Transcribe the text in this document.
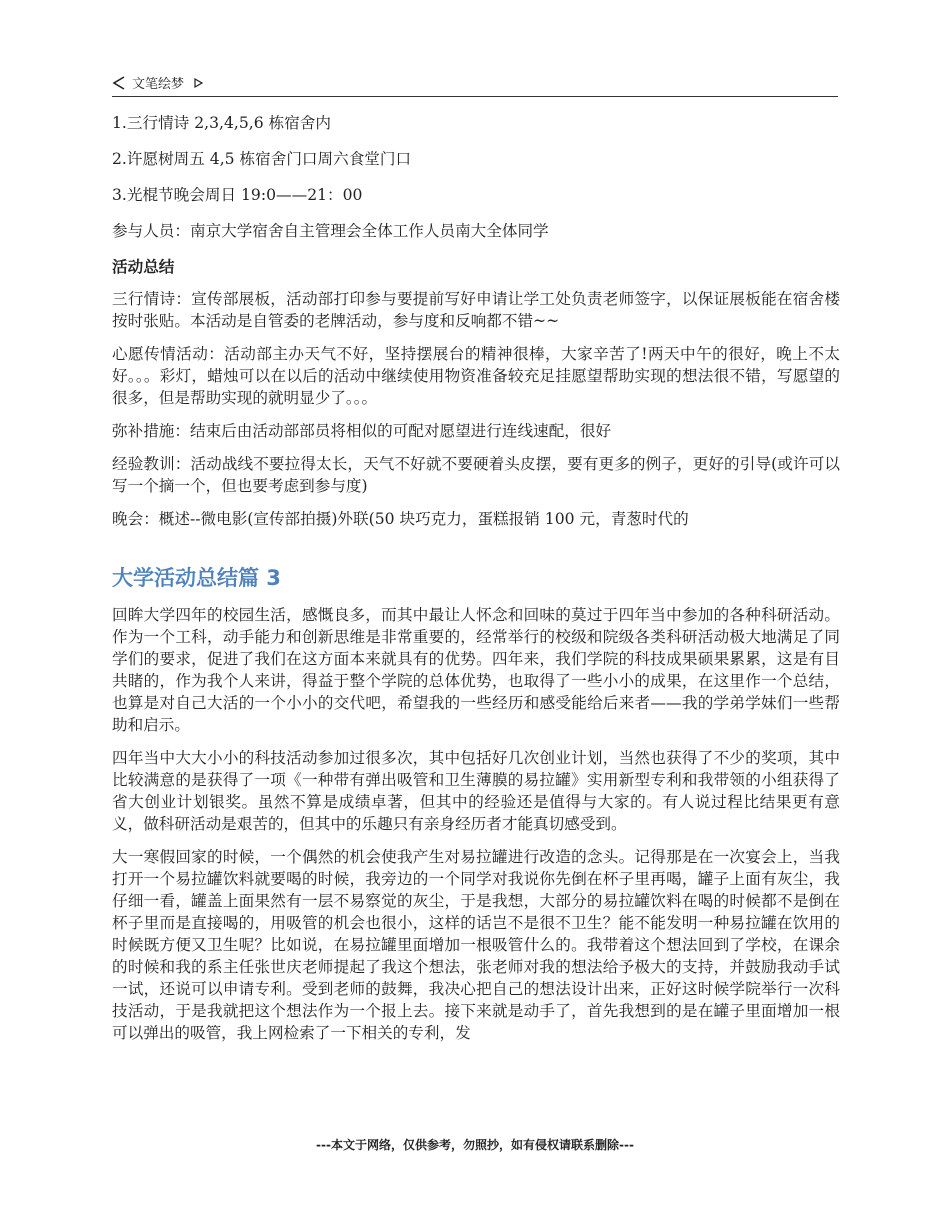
文笔绘梦

1.三行情诗 2,3,4,5,6 栋宿舍内

2.许愿树周五 4,5 栋宿舍门口周六食堂门口

3.光棍节晚会周日 19:0——21：00

参与人员：南京大学宿舍自主管理会全体工作人员南大全体同学

活动总结

三行情诗：宣传部展板，活动部打印参与要提前写好申请让学工处负责老师签字，以保证展板能在宿舍楼按时张贴。本活动是自管委的老牌活动，参与度和反响都不错~~

心愿传情活动：活动部主办天气不好，坚持摆展台的精神很棒，大家辛苦了!两天中午的很好，晚上不太好。。。彩灯，蜡烛可以在以后的活动中继续使用物资准备较充足挂愿望帮助实现的想法很不错，写愿望的很多，但是帮助实现的就明显少了。。。

弥补措施：结束后由活动部部员将相似的可配对愿望进行连线速配，很好

经验教训：活动战线不要拉得太长，天气不好就不要硬着头皮摆，要有更多的例子，更好的引导(或许可以写一个摘一个，但也要考虑到参与度)

晚会：概述--微电影(宣传部拍摄)外联(50 块巧克力，蛋糕报销 100 元，青葱时代的

大学活动总结篇 3

回眸大学四年的校园生活，感慨良多，而其中最让人怀念和回味的莫过于四年当中参加的各种科研活动。作为一个工科，动手能力和创新思维是非常重要的，经常举行的校级和院级各类科研活动极大地满足了同学们的要求，促进了我们在这方面本来就具有的优势。四年来，我们学院的科技成果硕果累累，这是有目共睹的，作为我个人来讲，得益于整个学院的总体优势，也取得了一些小小的成果，在这里作一个总结，也算是对自己大活的一个小小的交代吧，希望我的一些经历和感受能给后来者——我的学弟学妹们一些帮助和启示。

四年当中大大小小的科技活动参加过很多次，其中包括好几次创业计划，当然也获得了不少的奖项，其中比较满意的是获得了一项《一种带有弹出吸管和卫生薄膜的易拉罐》实用新型专利和我带领的小组获得了省大创业计划银奖。虽然不算是成绩卓著，但其中的经验还是值得与大家的。有人说过程比结果更有意义，做科研活动是艰苦的，但其中的乐趣只有亲身经历者才能真切感受到。

大一寒假回家的时候，一个偶然的机会使我产生对易拉罐进行改造的念头。记得那是在一次宴会上，当我打开一个易拉罐饮料就要喝的时候，我旁边的一个同学对我说你先倒在杯子里再喝，罐子上面有灰尘，我仔细一看，罐盖上面果然有一层不易察觉的灰尘，于是我想，大部分的易拉罐饮料在喝的时候都不是倒在杯子里而是直接喝的，用吸管的机会也很小，这样的话岂不是很不卫生？能不能发明一种易拉罐在饮用的时候既方便又卫生呢？比如说，在易拉罐里面增加一根吸管什么的。我带着这个想法回到了学校，在课余的时候和我的系主任张世庆老师提起了我这个想法，张老师对我的想法给予极大的支持，并鼓励我动手试一试，还说可以申请专利。受到老师的鼓舞，我决心把自己的想法设计出来，正好这时候学院举行一次科技活动，于是我就把这个想法作为一个报上去。接下来就是动手了，首先我想到的是在罐子里面增加一根可以弹出的吸管，我上网检索了一下相关的专利，发

---本文于网络，仅供参考，勿照抄，如有侵权请联系删除---
